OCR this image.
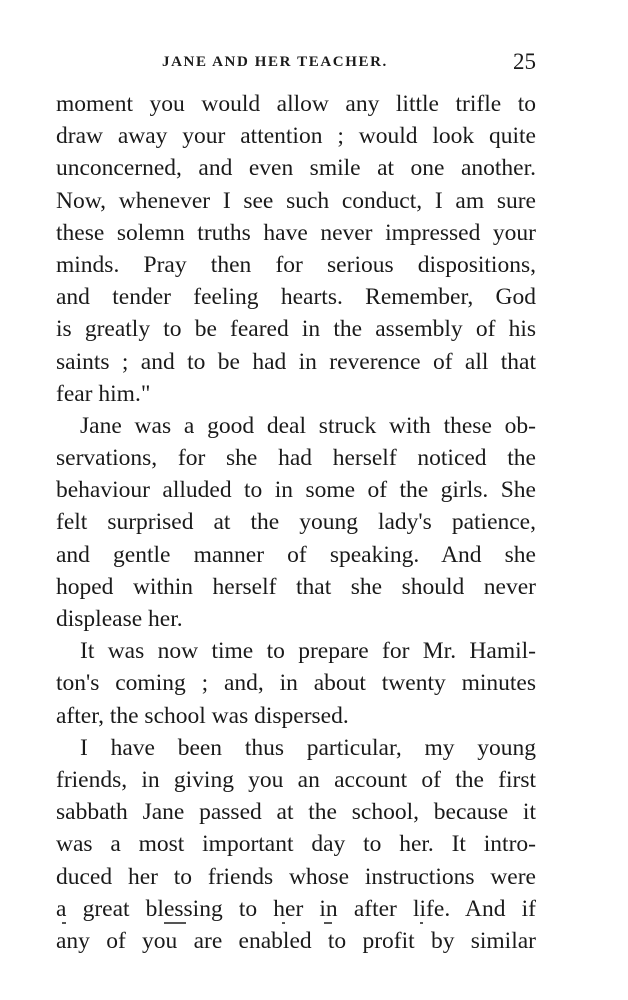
JANE AND HER TEACHER.	25
moment you would allow any little trifle to
draw away your attention ; would look quite
unconcerned, and even smile at one another.
Now, whenever I see such conduct, I am sure
these solemn truths have never impressed your
minds. Pray then for serious dispositions,
and tender feeling hearts. Remember, God
is greatly to be feared in the assembly of his
saints ; and to be had in reverence of all that
fear him."
Jane was a good deal struck with these ob-
servations, for she had herself noticed the
behaviour alluded to in some of the girls. She
felt surprised at the young lady's patience,
and gentle manner of speaking. And she
hoped within herself that she should never
displease her.
It was now time to prepare for Mr. Hamil-
ton's coming ; and, in about twenty minutes
after, the school was dispersed.
I have been thus particular, my young
friends, in giving you an account of the first
sabbath Jane passed at the school, because it
was a most important day to her. It intro-
duced her to friends whose instructions were
a great blessing to her in after life. And if
any of you are enabled to profit by similar
